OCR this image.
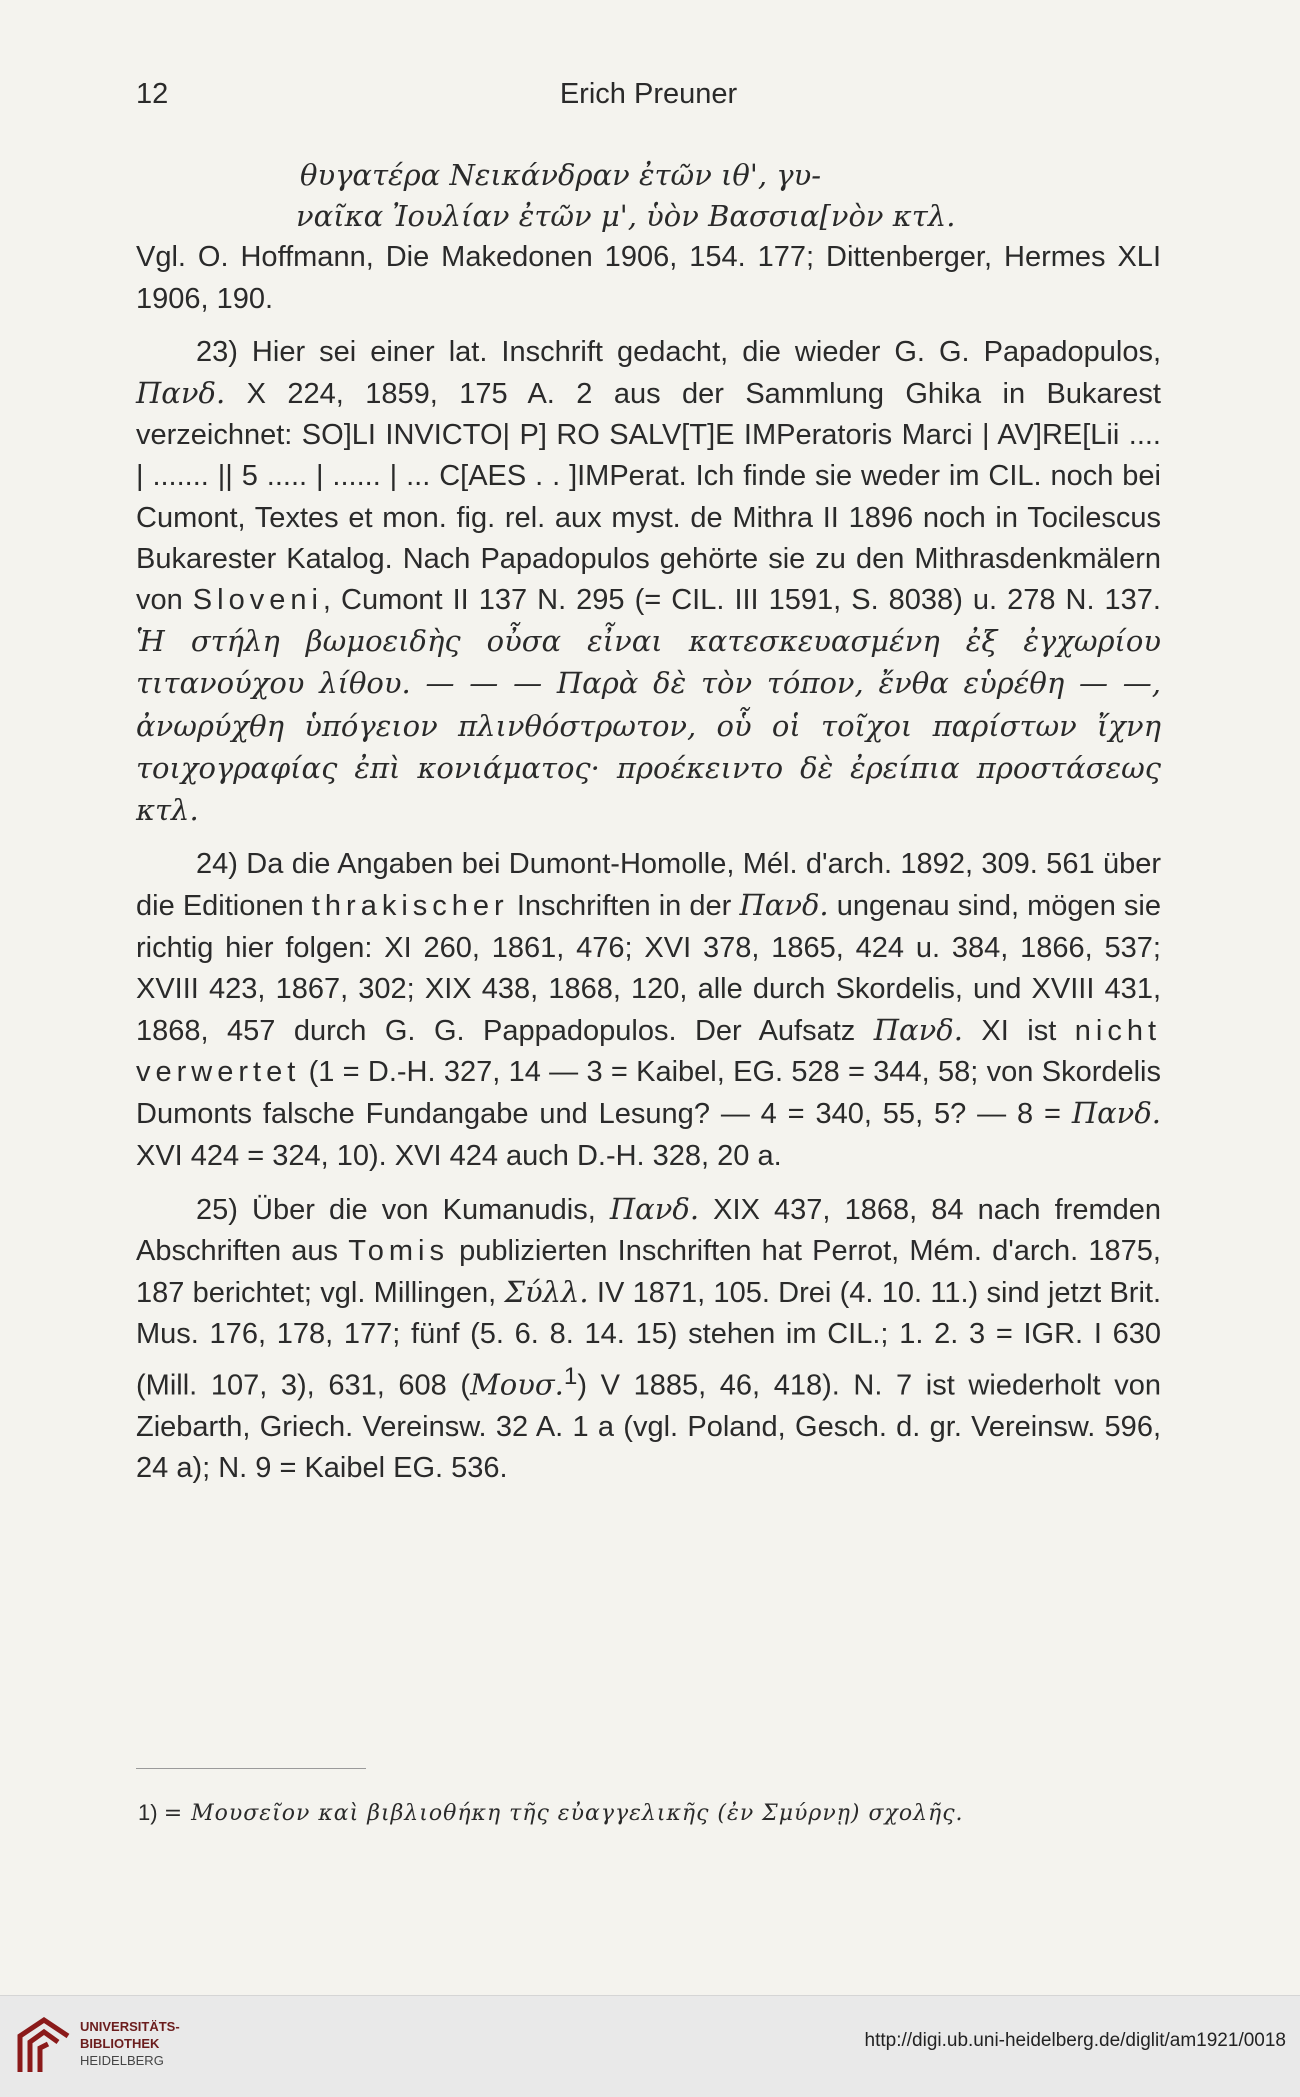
12	Erich Preuner
θυγατέρα Νεικάνδραν ἐτῶν ιθ', γυ-
ναῖκα Ἰουλίαν ἐτῶν μ', ὑὸν Βασσια[νὸν κτλ.

Vgl. O. Hoffmann, Die Makedonen 1906, 154. 177; Dittenberger, Hermes XLI 1906, 190.

23) Hier sei einer lat. Inschrift gedacht, die wieder G. G. Papadopulos, Πανδ. X 224, 1859, 175 A. 2 aus der Sammlung Ghika in Bukarest verzeichnet: SO]LI INVICTO| P] RO SALV[T]E IMPeratoris Marci | AV]RE[Lii .... | ....... || 5 ..... | ...... | ... C[AES . . ]IMPerat. Ich finde sie weder im CIL. noch bei Cumont, Textes et mon. fig. rel. aux myst. de Mithra II 1896 noch in Tocilescus Bukarester Katalog. Nach Papadopulos gehörte sie zu den Mithrasdenkmälern von Sloveni, Cumont II 137 N. 295 (= CIL. III 1591, S. 8038) u. 278 N. 137. Ἡ στήλη βωμοειδὴς οὖσα εἶναι κατεσκευασμένη ἐξ ἐγχωρίου τιτανούχου λίθου. — — — Παρὰ δὲ τὸν τόπον, ἔνθα εὑρέθη — —, ἀνωρύχθη ὑπόγειον πλινθόστρωτον, οὗ οἱ τοῖχοι παρίστων ἴχνη τοιχογραφίας ἐπὶ κονιάματος· προέκειντο δὲ ἐρείπια προστάσεως κτλ.

24) Da die Angaben bei Dumont-Homolle, Mél. d'arch. 1892, 309. 561 über die Editionen thrakischer Inschriften in der Πανδ. ungenau sind, mögen sie richtig hier folgen: XI 260, 1861, 476; XVI 378, 1865, 424 u. 384, 1866, 537; XVIII 423, 1867, 302; XIX 438, 1868, 120, alle durch Skordelis, und XVIII 431, 1868, 457 durch G. G. Pappadopulos. Der Aufsatz Πανδ. XI ist nicht verwertet (1 = D.-H. 327, 14 — 3 = Kaibel, EG. 528 = 344, 58; von Skordelis Dumonts falsche Fundangabe und Lesung? — 4 = 340, 55, 5? — 8 = Πανδ. XVI 424 = 324, 10). XVI 424 auch D.-H. 328, 20 a.

25) Über die von Kumanudis, Πανδ. XIX 437, 1868, 84 nach fremden Abschriften aus Tomis publizierten Inschriften hat Perrot, Mém. d'arch. 1875, 187 berichtet; vgl. Millingen, Σύλλ. IV 1871, 105. Drei (4. 10. 11.) sind jetzt Brit. Mus. 176, 178, 177; fünf (5. 6. 8. 14. 15) stehen im CIL.; 1. 2. 3 = IGR. I 630 (Mill. 107, 3), 631, 608 (Μουσ.$^1$) V 1885, 46, 418). N. 7 ist wiederholt von Ziebarth, Griech. Vereinsw. 32 A. 1 a (vgl. Poland, Gesch. d. gr. Vereinsw. 596, 24 a); N. 9 = Kaibel EG. 536.

1) = Μουσεῖον καὶ βιβλιοθήκη τῆς εὐαγγελικῆς (ἐν Σμύρνῃ) σχολῆς.
UNIVERSITÄTS-
BIBLIOTHEK
HEIDELBERG
http://digi.ub.uni-heidelberg.de/diglit/am1921/0018
